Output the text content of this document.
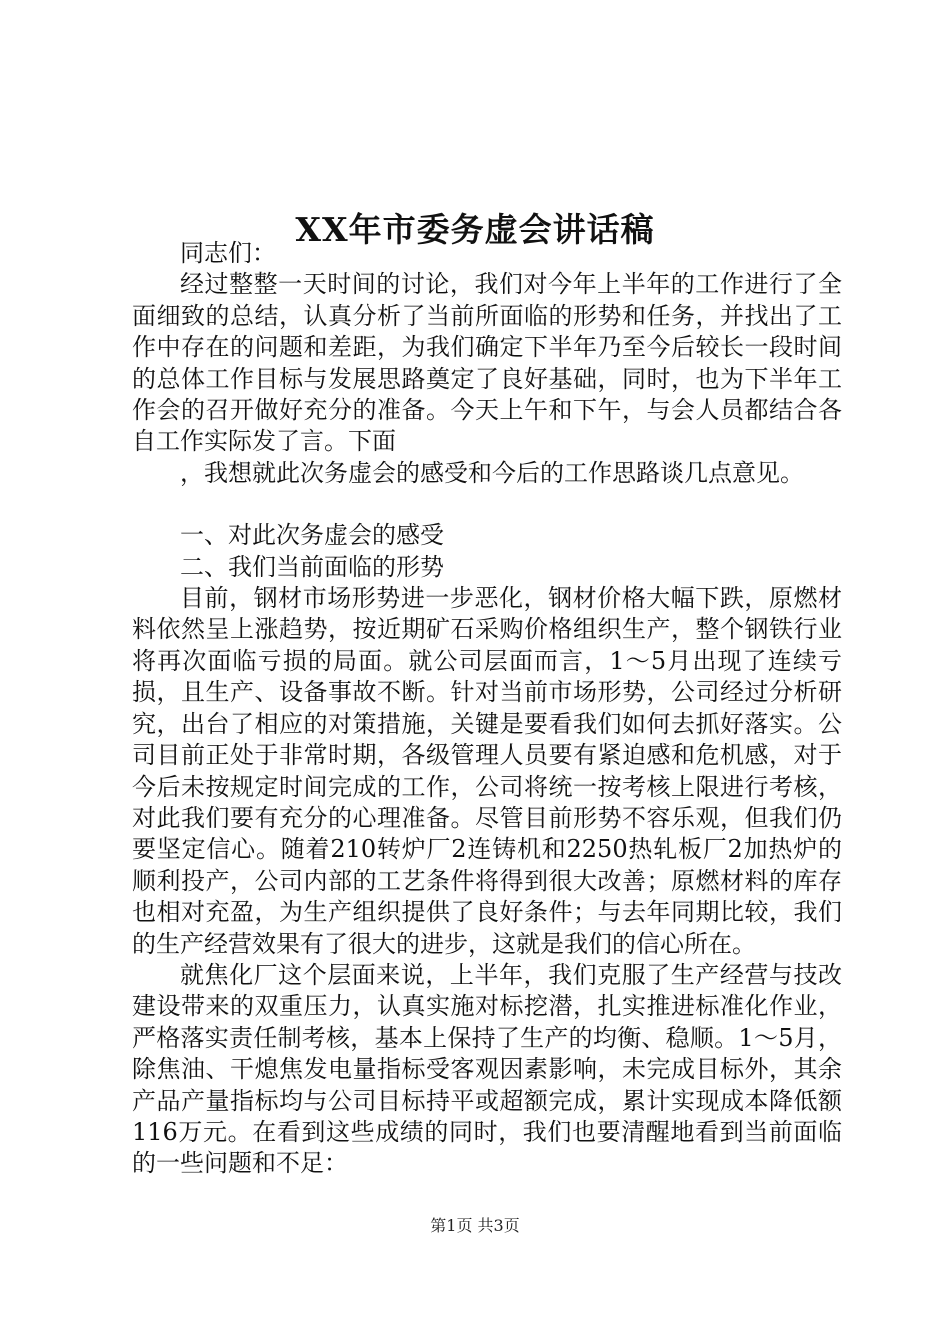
XX年市委务虚会讲话稿

同志们：

经过整整一天时间的讨论，我们对今年上半年的工作进行了全面细致的总结，认真分析了当前所面临的形势和任务，并找出了工作中存在的问题和差距，为我们确定下半年乃至今后较长一段时间的总体工作目标与发展思路奠定了良好基础，同时，也为下半年工作会的召开做好充分的准备。今天上午和下午，与会人员都结合各自工作实际发了言。下面

，我想就此次务虚会的感受和今后的工作思路谈几点意见。

一、对此次务虚会的感受

二、我们当前面临的形势

目前，钢材市场形势进一步恶化，钢材价格大幅下跌，原燃材料依然呈上涨趋势，按近期矿石采购价格组织生产，整个钢铁行业将再次面临亏损的局面。就公司层面而言，1～5月出现了连续亏损，且生产、设备事故不断。针对当前市场形势，公司经过分析研究，出台了相应的对策措施，关键是要看我们如何去抓好落实。公司目前正处于非常时期，各级管理人员要有紧迫感和危机感，对于今后未按规定时间完成的工作，公司将统一按考核上限进行考核，对此我们要有充分的心理准备。尽管目前形势不容乐观，但我们仍要坚定信心。随着210转炉厂2连铸机和2250热轧板厂2加热炉的顺利投产，公司内部的工艺条件将得到很大改善；原燃材料的库存也相对充盈，为生产组织提供了良好条件；与去年同期比较，我们的生产经营效果有了很大的进步，这就是我们的信心所在。

就焦化厂这个层面来说，上半年，我们克服了生产经营与技改建设带来的双重压力，认真实施对标挖潜，扎实推进标准化作业，严格落实责任制考核，基本上保持了生产的均衡、稳顺。1～5月，除焦油、干熄焦发电量指标受客观因素影响，未完成目标外，其余产品产量指标均与公司目标持平或超额完成，累计实现成本降低额116万元。在看到这些成绩的同时，我们也要清醒地看到当前面临的一些问题和不足：

第1页 共3页
